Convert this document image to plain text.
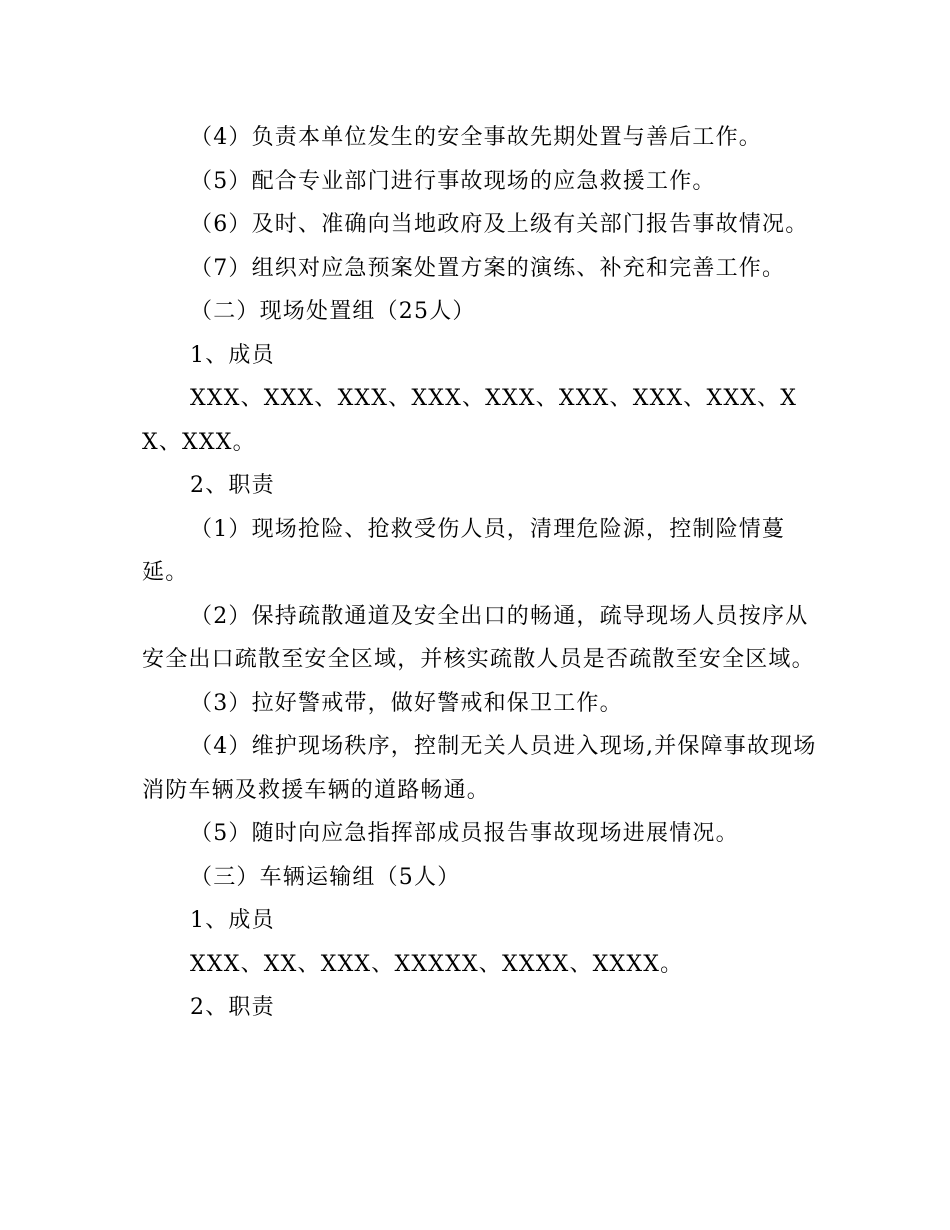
（4）负责本单位发生的安全事故先期处置与善后工作。

（5）配合专业部门进行事故现场的应急救援工作。

（6）及时、准确向当地政府及上级有关部门报告事故情况。

（7）组织对应急预案处置方案的演练、补充和完善工作。

（二）现场处置组（25人）

1、成员

XXX、XXX、XXX、XXX、XXX、XXX、XXX、XXX、XX、XXX。

2、职责

（1）现场抢险、抢救受伤人员，清理危险源，控制险情蔓延。

（2）保持疏散通道及安全出口的畅通，疏导现场人员按序从安全出口疏散至安全区域，并核实疏散人员是否疏散至安全区域。

（3）拉好警戒带，做好警戒和保卫工作。

（4）维护现场秩序，控制无关人员进入现场,并保障事故现场消防车辆及救援车辆的道路畅通。

（5）随时向应急指挥部成员报告事故现场进展情况。

（三）车辆运输组（5人）

1、成员

XXX、XX、XXX、XXXXX、XXXX、XXXX。

2、职责
